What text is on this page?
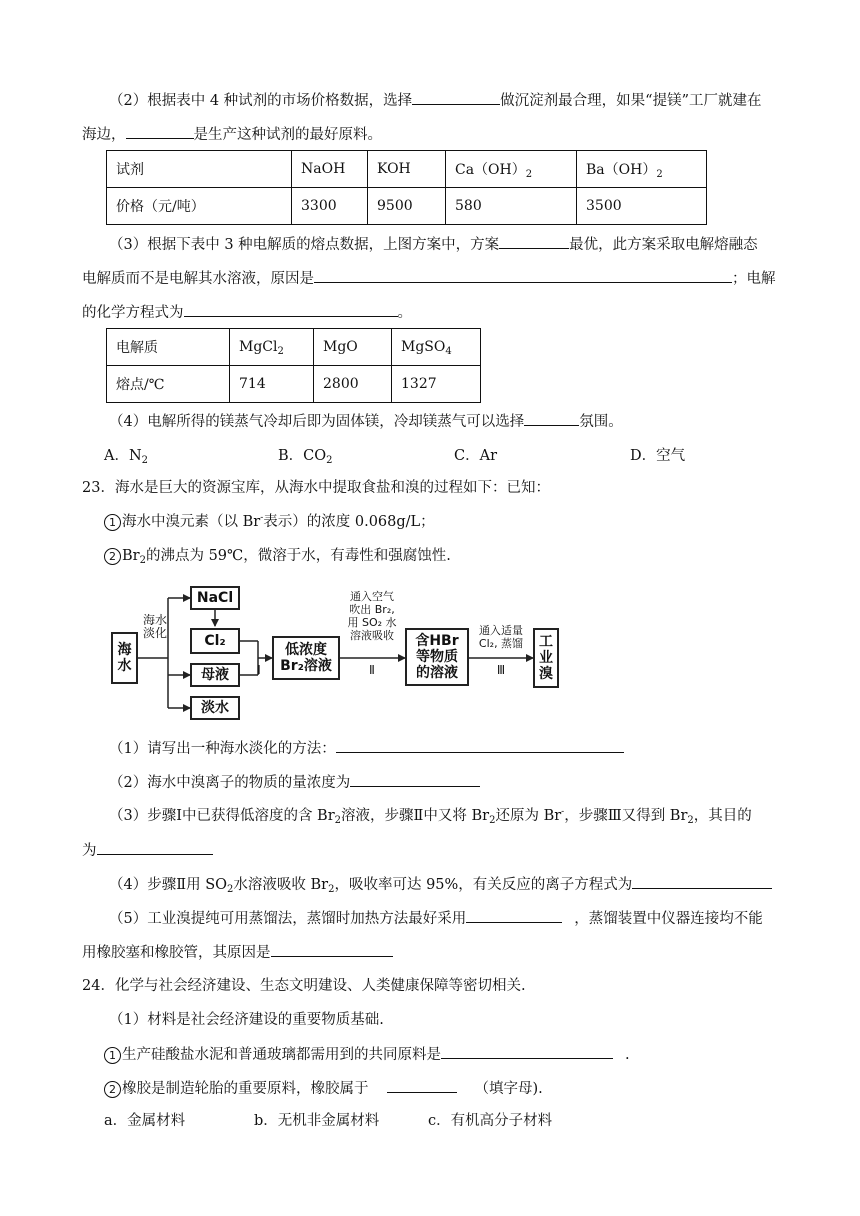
（2）根据表中 4 种试剂的市场价格数据，选择	做沉淀剂最合理，如果“提镁”工厂就建在
海边，	是生产这种试剂的最好原料。
试剂	NaOH	KOH	$Ca(OH)_2$	$Ba(OH)_2$
价格（元/吨）	3300	9500	580	3500
（3）根据下表中 3 种电解质的熔点数据，上图方案中，方案	最优，此方案采取电解熔融态
电解质而不是电解其水溶液，原因是	；电解
的化学方程式为	。
电解质	MgCl$_2$	MgO	MgSO$_4$
熔点/℃	714	2800	1327
（4）电解所得的镁蒸气冷却后即为固体镁，冷却镁蒸气可以选择	氛围。
A．$N_2$	B．$CO_2$	C．Ar	D．空气
23．海水是巨大的资源宝库，从海水中提取食盐和溴的过程如下：已知：
1 海水中溴元素（以 Br-表示）的浓度 0.068g/L；
2 $Br_2$的沸点为 59℃，微溶于水，有毒性和强腐蚀性.
海水
海水
淡化
NaCl
Cl₂
母液
淡水
Ⅰ
低浓度
Br₂溶液
通入空气
吹出 Br₂,
用 SO₂ 水
溶液吸收
Ⅱ
含HBr
等物质
的溶液
通入适量
Cl₂, 蒸馏
Ⅲ
工
业
溴
（1）请写出一种海水淡化的方法：
（2）海水中溴离子的物质的量浓度为
（3）步骤Ⅰ中已获得低溶度的含 $Br_2$溶液，步骤Ⅱ中又将 $Br_2$还原为 Br-，步骤Ⅲ又得到 $Br_2$，其目的
为
（4）步骤Ⅱ用 $SO_2$水溶液吸收 $Br_2$，吸收率可达 95%，有关反应的离子方程式为
（5）工业溴提纯可用蒸馏法，蒸馏时加热方法最好采用	，蒸馏装置中仪器连接均不能
用橡胶塞和橡胶管，其原因是
24．化学与社会经济建设、生态文明建设、人类健康保障等密切相关.
（1）材料是社会经济建设的重要物质基础.
1 生产硅酸盐水泥和普通玻璃都需用到的共同原料是	.
2 橡胶是制造轮胎的重要原料，橡胶属于	（填字母).
a．金属材料	b．无机非金属材料	c．有机高分子材料
